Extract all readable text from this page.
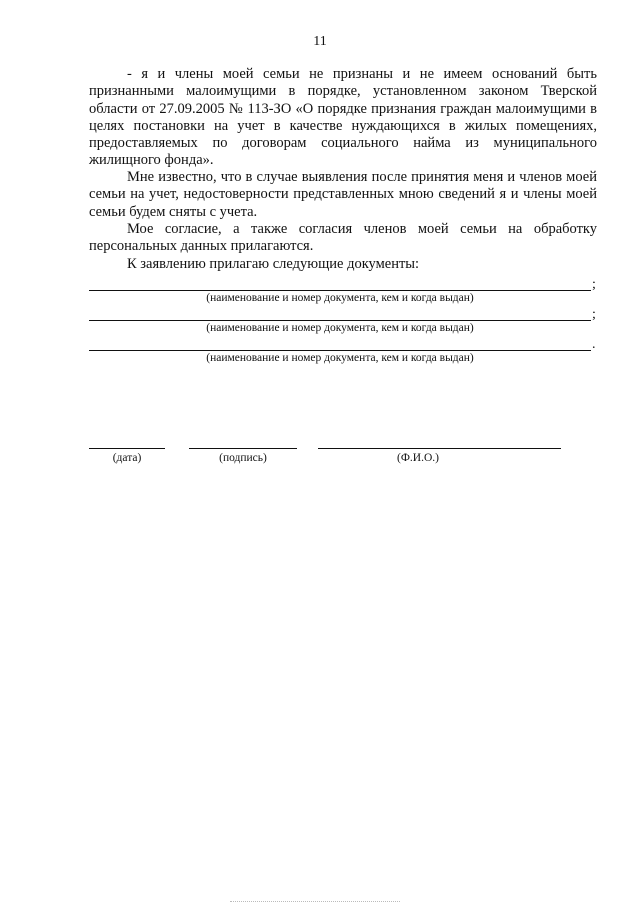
11

- я и члены моей семьи не признаны и не имеем оснований быть признанными малоимущими в порядке, установленном законом Тверской области от 27.09.2005 № 113-ЗО «О порядке признания граждан малоимущими в целях постановки на учет в качестве нуждающихся в жилых помещениях, предоставляемых по договорам социального найма из муниципального жилищного фонда».

Мне известно, что в случае выявления после принятия меня и членов моей семьи на учет, недостоверности представленных мною сведений я и члены моей семьи будем сняты с учета.

Мое согласие, а также согласия членов моей семьи на обработку персональных данных прилагаются.

К заявлению прилагаю следующие документы:

;
(наименование и номер документа, кем и когда выдан)
;
(наименование и номер документа, кем и когда выдан)
.
(наименование и номер документа, кем и когда выдан)
(дата)	(подпись)	(Ф.И.О.)
